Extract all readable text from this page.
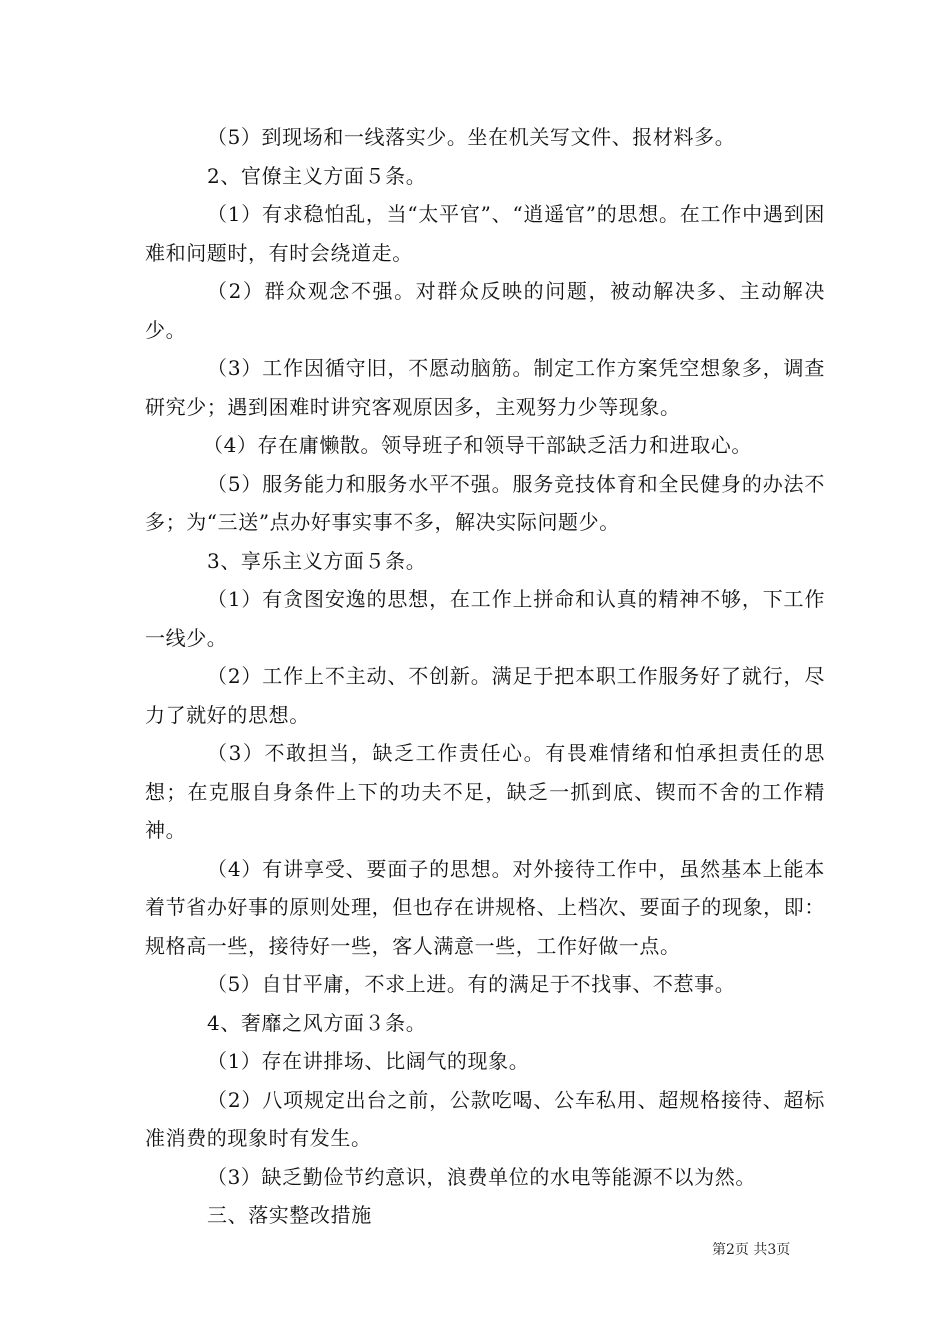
（5）到现场和一线落实少。坐在机关写文件、报材料多。

2、官僚主义方面５条。

（1）有求稳怕乱，当“太平官”、“逍遥官”的思想。在工作中遇到困难和问题时，有时会绕道走。

（2）群众观念不强。对群众反映的问题，被动解决多、主动解决少。

（3）工作因循守旧，不愿动脑筋。制定工作方案凭空想象多，调查研究少；遇到困难时讲究客观原因多，主观努力少等现象。

（4）存在庸懒散。领导班子和领导干部缺乏活力和进取心。

（5）服务能力和服务水平不强。服务竞技体育和全民健身的办法不多；为“三送”点办好事实事不多，解决实际问题少。

3、享乐主义方面５条。

（1）有贪图安逸的思想，在工作上拼命和认真的精神不够，下工作一线少。

（2）工作上不主动、不创新。满足于把本职工作服务好了就行，尽力了就好的思想。

（3）不敢担当，缺乏工作责任心。有畏难情绪和怕承担责任的思想；在克服自身条件上下的功夫不足，缺乏一抓到底、锲而不舍的工作精神。

（4）有讲享受、要面子的思想。对外接待工作中，虽然基本上能本着节省办好事的原则处理，但也存在讲规格、上档次、要面子的现象，即：规格高一些，接待好一些，客人满意一些，工作好做一点。

（5）自甘平庸，不求上进。有的满足于不找事、不惹事。

4、奢靡之风方面３条。

（1）存在讲排场、比阔气的现象。

（2）八项规定出台之前，公款吃喝、公车私用、超规格接待、超标准消费的现象时有发生。

（3）缺乏勤俭节约意识，浪费单位的水电等能源不以为然。

三、落实整改措施

第2页 共3页
